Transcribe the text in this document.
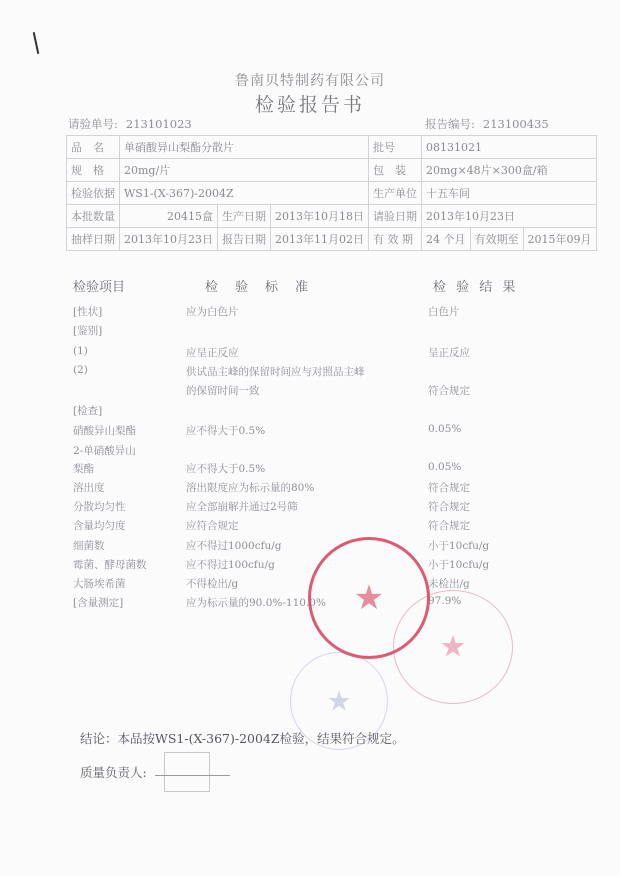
鲁南贝特制药有限公司
检验报告书
请验单号: 213101023	报告编号: 213100435
品　名	单硝酸异山梨酯分散片			批号	08131021		
规　格	20mg/片			包　装	20mg×48片×300盒/箱		
检验依据	WS1-(X-367)-2004Z			生产单位	十五车间		
本批数量	20415盒	生产日期	2013年10月18日	请验日期	2013年10月23日		
抽样日期	2013年10月23日	报告日期	2013年11月02日	有 效 期	24 个月	有效期至	2015年09月
检验项目	检　验　标　准	检 验 结 果
[性状]	应为白色片	白色片
[鉴别]
(1)	应呈正反应	呈正反应
(2)	供试品主峰的保留时间应与对照品主峰
的保留时间一致	符合规定
[检查]
硝酸异山梨酯	应不得大于0.5%	0.05%
2-单硝酸异山
梨酯	应不得大于0.5%	0.05%
溶出度	溶出限度应为标示量的80%	符合规定
分散均匀性	应全部崩解并通过2号筛	符合规定
含量均匀度	应符合规定	符合规定
细菌数	应不得过1000cfu/g	小于10cfu/g
霉菌、酵母菌数	应不得过100cfu/g	小于10cfu/g
大肠埃希菌	不得检出/g	未检出/g
[含量测定]	应为标示量的90.0%-110.0%	97.9%
★
★
★
结论：本品按WS1-(X-367)-2004Z检验，结果符合规定。
质量负责人:
